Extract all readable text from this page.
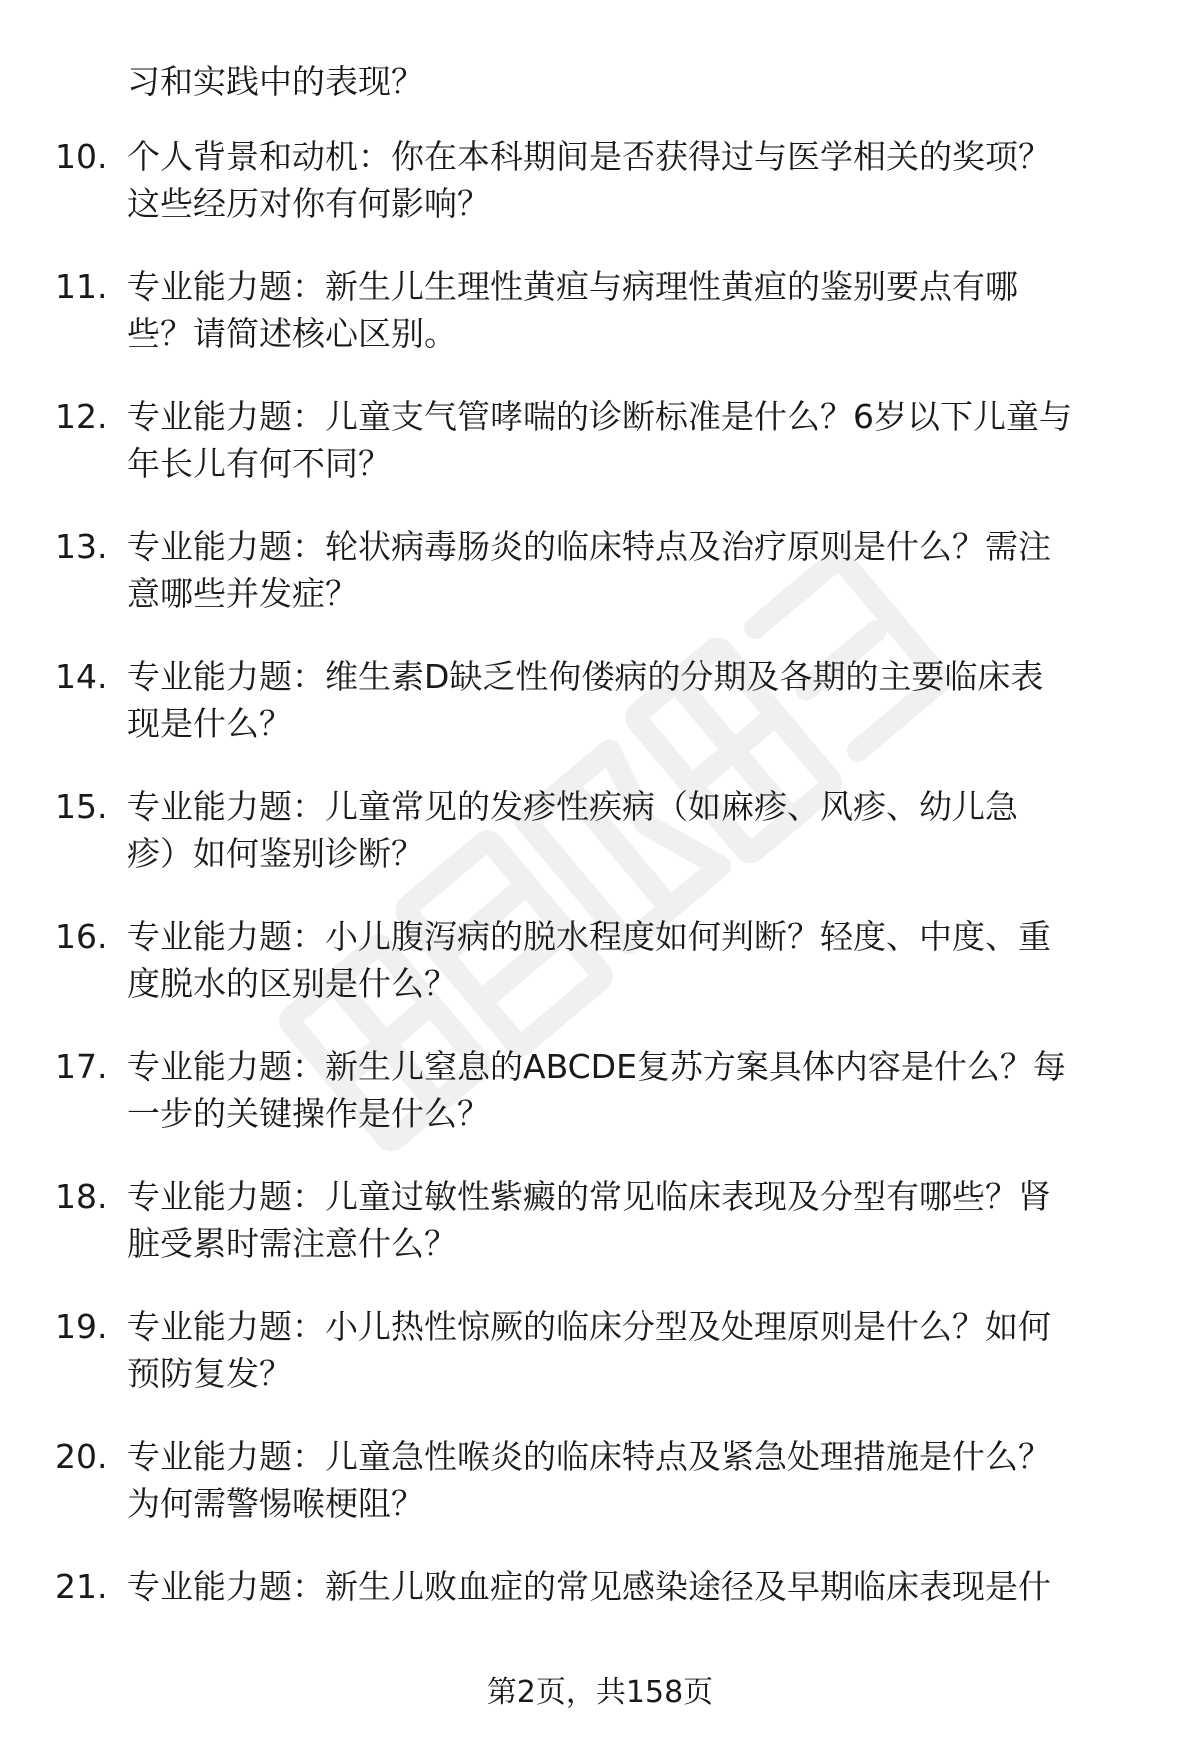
习和实践中的表现？
10. 个人背景和动机：你在本科期间是否获得过与医学相关的奖项？
这些经历对你有何影响？
11. 专业能力题：新生儿生理性黄疸与病理性黄疸的鉴别要点有哪
些？请简述核心区别。
12. 专业能力题：儿童支气管哮喘的诊断标准是什么？6岁以下儿童与
年长儿有何不同？
13. 专业能力题：轮状病毒肠炎的临床特点及治疗原则是什么？需注
意哪些并发症？
14. 专业能力题：维生素D缺乏性佝偻病的分期及各期的主要临床表
现是什么？
15. 专业能力题：儿童常见的发疹性疾病（如麻疹、风疹、幼儿急
疹）如何鉴别诊断？
16. 专业能力题：小儿腹泻病的脱水程度如何判断？轻度、中度、重
度脱水的区别是什么？
17. 专业能力题：新生儿窒息的ABCDE复苏方案具体内容是什么？每
一步的关键操作是什么？
18. 专业能力题：儿童过敏性紫癜的常见临床表现及分型有哪些？肾
脏受累时需注意什么？
19. 专业能力题：小儿热性惊厥的临床分型及处理原则是什么？如何
预防复发？
20. 专业能力题：儿童急性喉炎的临床特点及紧急处理措施是什么？
为何需警惕喉梗阻？
21. 专业能力题：新生儿败血症的常见感染途径及早期临床表现是什
第2页，共158页
